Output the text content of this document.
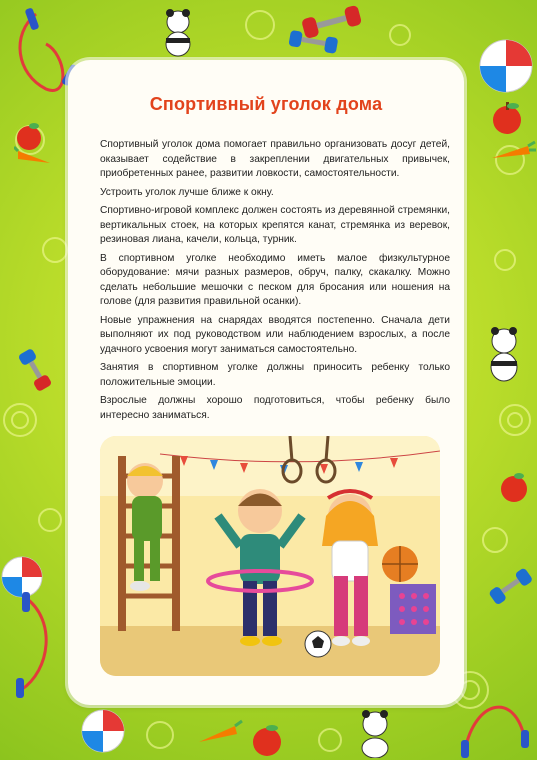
Спортивный уголок дома

Спортивный уголок дома помогает правильно организовать досуг детей, оказывает содействие в закреплении двигательных привычек, приобретенных ранее, развитии ловкости, самостоятельности.

Устроить уголок лучше ближе к окну.

Спортивно-игровой комплекс должен состоять из деревянной стремянки, вертикальных стоек, на которых крепятся канат, стремянка из веревок, резиновая лиана, качели, кольца, турник.

В спортивном уголке необходимо иметь малое физкультурное оборудование: мячи разных размеров, обруч, палку, скакалку. Можно сделать небольшие мешочки с песком для бросания или ношения на голове (для развития правильной осанки).

Новые упражнения на снарядах вводятся постепенно. Сначала дети выполняют их под руководством или наблюдением взрослых, а после удачного усвоения могут заниматься самостоятельно.

Занятия в спортивном уголке должны приносить ребенку только положительные эмоции.

Взрослые должны хорошо подготовиться, чтобы ребенку было интересно заниматься.
